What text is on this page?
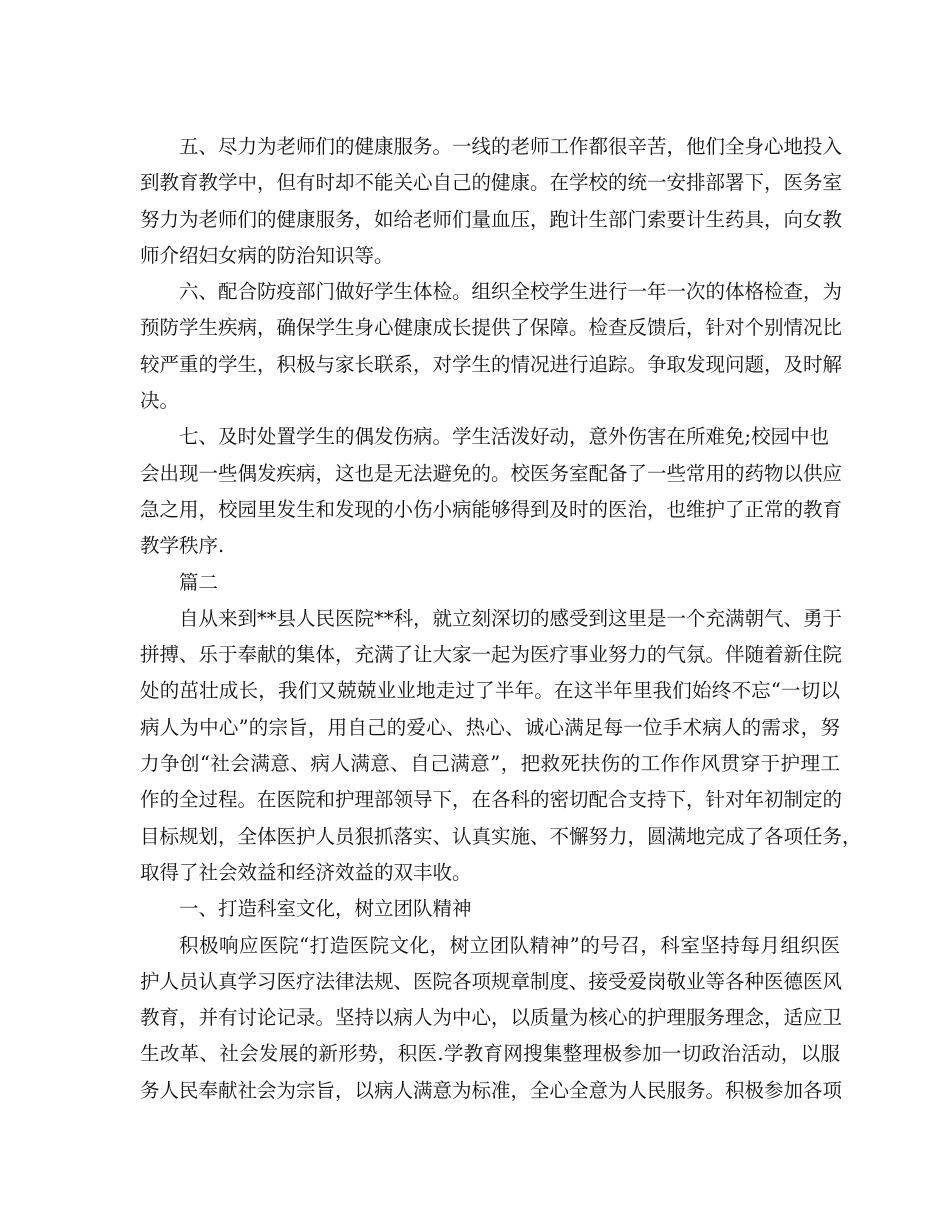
五、尽力为老师们的健康服务。一线的老师工作都很辛苦，他们全身心地投入
到教育教学中，但有时却不能关心自己的健康。在学校的统一安排部署下，医务室
努力为老师们的健康服务，如给老师们量血压，跑计生部门索要计生药具，向女教
师介绍妇女病的防治知识等。
六、配合防疫部门做好学生体检。组织全校学生进行一年一次的体格检查，为
预防学生疾病，确保学生身心健康成长提供了保障。检查反馈后，针对个别情况比
较严重的学生，积极与家长联系，对学生的情况进行追踪。争取发现问题，及时解
决。
七、及时处置学生的偶发伤病。学生活泼好动，意外伤害在所难免;校园中也
会出现一些偶发疾病，这也是无法避免的。校医务室配备了一些常用的药物以供应
急之用，校园里发生和发现的小伤小病能够得到及时的医治，也维护了正常的教育
教学秩序.
篇二
自从来到**县人民医院**科，就立刻深切的感受到这里是一个充满朝气、勇于
拼搏、乐于奉献的集体，充满了让大家一起为医疗事业努力的气氛。伴随着新住院
处的茁壮成长，我们又兢兢业业地走过了半年。在这半年里我们始终不忘“一切以
病人为中心”的宗旨，用自己的爱心、热心、诚心满足每一位手术病人的需求，努
力争创“社会满意、病人满意、自己满意”，把救死扶伤的工作作风贯穿于护理工
作的全过程。在医院和护理部领导下，在各科的密切配合支持下，针对年初制定的
目标规划，全体医护人员狠抓落实、认真实施、不懈努力，圆满地完成了各项任务，
取得了社会效益和经济效益的双丰收。
一、打造科室文化，树立团队精神
积极响应医院“打造医院文化，树立团队精神”的号召，科室坚持每月组织医
护人员认真学习医疗法律法规、医院各项规章制度、接受爱岗敬业等各种医德医风
教育，并有讨论记录。坚持以病人为中心，以质量为核心的护理服务理念，适应卫
生改革、社会发展的新形势，积医.学教育网搜集整理极参加一切政治活动，以服
务人民奉献社会为宗旨，以病人满意为标准，全心全意为人民服务。积极参加各项
